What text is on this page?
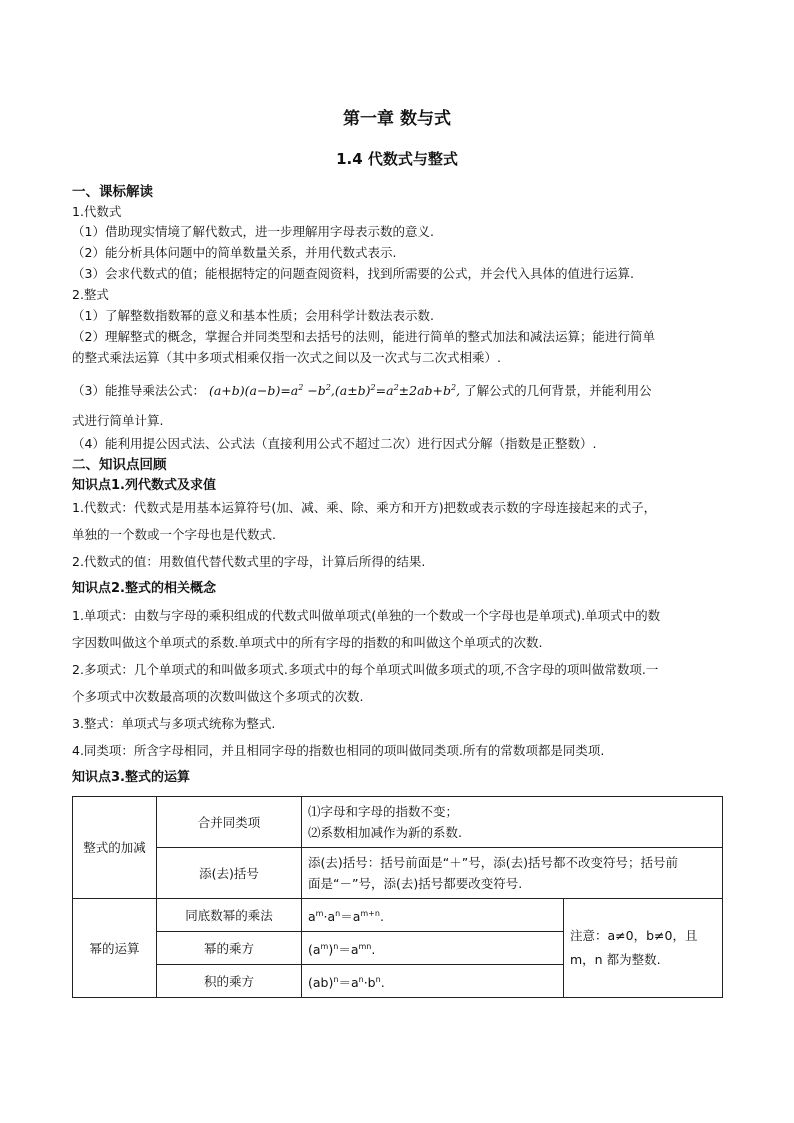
第一章 数与式
1.4 代数式与整式
一、课标解读
1.代数式
（1）借助现实情境了解代数式，进一步理解用字母表示数的意义.
（2）能分析具体问题中的简单数量关系，并用代数式表示.
（3）会求代数式的值；能根据特定的问题查阅资料，找到所需要的公式，并会代入具体的值进行运算.
2.整式
（1）了解整数指数幂的意义和基本性质；会用科学计数法表示数.
（2）理解整式的概念，掌握合并同类型和去括号的法则，能进行简单的整式加法和减法运算；能进行简单
的整式乘法运算（其中多项式相乘仅指一次式之间以及一次式与二次式相乘）.
（3）能推导乘法公式： $(a+b)(a-b)=a^2 -b^2,(a\pm b)^2=a^2\pm 2ab+b^2$, 了解公式的几何背景，并能利用公
式进行简单计算.
（4）能利用提公因式法、公式法（直接利用公式不超过二次）进行因式分解（指数是正整数）.
二、知识点回顾
知识点1.列代数式及求值
1.代数式：代数式是用基本运算符号(加、减、乘、除、乘方和开方)把数或表示数的字母连接起来的式子，
单独的一个数或一个字母也是代数式.
2.代数式的值：用数值代替代数式里的字母，计算后所得的结果.
知识点2.整式的相关概念
1.单项式：由数与字母的乘积组成的代数式叫做单项式(单独的一个数或一个字母也是单项式).单项式中的数
字因数叫做这个单项式的系数.单项式中的所有字母的指数的和叫做这个单项式的次数.
2.多项式：几个单项式的和叫做多项式.多项式中的每个单项式叫做多项式的项,不含字母的项叫做常数项.一
个多项式中次数最高项的次数叫做这个多项式的次数.
3.整式：单项式与多项式统称为整式.
4.同类项：所含字母相同，并且相同字母的指数也相同的项叫做同类项.所有的常数项都是同类项.
知识点3.整式的运算
整式的加减	合并同类项	⑴字母和字母的指数不变；
⑵系数相加减作为新的系数.	

	添(去)括号	添(去)括号：括号前面是“＋”号，添(去)括号都不改变符号；括号前
面是“－”号，添(去)括号都要改变符号.	

幂的运算	同底数幂的乘法	$a^m\cdot a^n=a^{m+n}$.	注意：a≠0，b≠0，且 m，n 都为整数.
	幂的乘方	$(a^m)^n=a^{mn}$.	
	积的乘方	$(ab)^n=a^n\cdot b^n$.	
